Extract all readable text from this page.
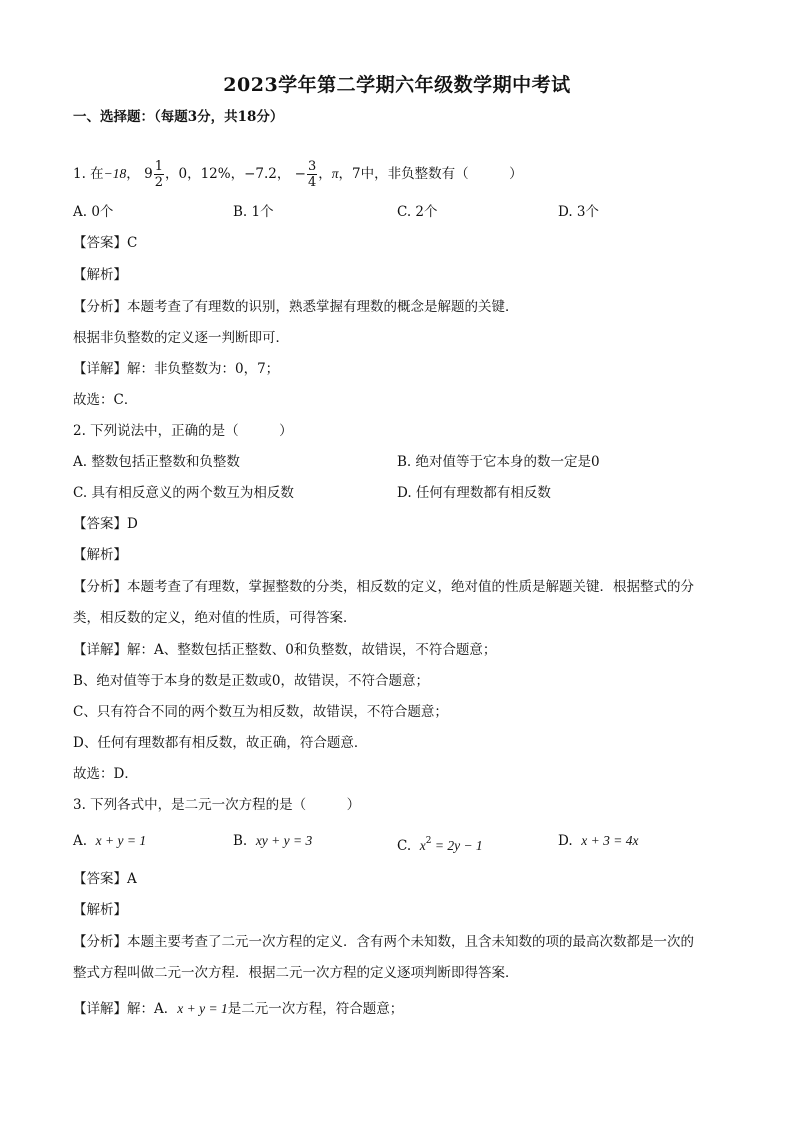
2023学年第二学期六年级数学期中考试
一、选择题：（每题3分，共18分）
1. 在−18， $9 \frac{1}{2}$ ，0，12%，−7.2， − $\frac{3}{4}$ ，π，7中，非负整数有（　　　）
A. 0个	B. 1个	C. 2个	D. 3个
【答案】C
【解析】
【分析】本题考查了有理数的识别，熟悉掌握有理数的概念是解题的关键．
根据非负整数的定义逐一判断即可．
【详解】解：非负整数为：0，7；
故选：C．
2. 下列说法中，正确的是（　　　）
A. 整数包括正整数和负整数	B. 绝对值等于它本身的数一定是0
C. 具有相反意义的两个数互为相反数	D. 任何有理数都有相反数
【答案】D
【解析】
【分析】本题考查了有理数，掌握整数的分类，相反数的定义，绝对值的性质是解题关键．根据整式的分
类，相反数的定义，绝对值的性质，可得答案．
【详解】解：A、整数包括正整数、0和负整数，故错误，不符合题意；
B、绝对值等于本身的数是正数或0，故错误，不符合题意；
C、只有符合不同的两个数互为相反数，故错误，不符合题意；
D、任何有理数都有相反数，故正确，符合题意．
故选：D．
3. 下列各式中，是二元一次方程的是（　　　）
A. x + y = 1	B. xy + y = 3	C. $x^2 = 2y - 1$	D. x + 3 = 4x
【答案】A
【解析】
【分析】本题主要考查了二元一次方程的定义．含有两个未知数，且含未知数的项的最高次数都是一次的
整式方程叫做二元一次方程．根据二元一次方程的定义逐项判断即得答案．
【详解】解：A．x + y = 1是二元一次方程，符合题意；
